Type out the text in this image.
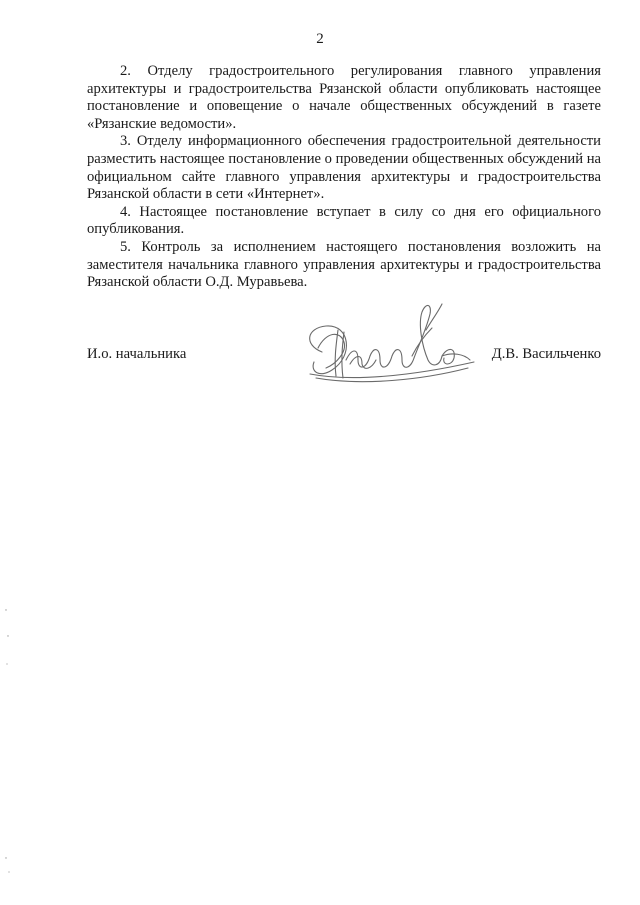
2

2. Отделу градостроительного регулирования главного управления архитектуры и градостроительства Рязанской области опубликовать настоящее постановление и оповещение о начале общественных обсуждений в газете «Рязанские ведомости».

3. Отделу информационного обеспечения градостроительной деятельности разместить настоящее постановление о проведении общественных обсуждений на официальном сайте главного управления архитектуры и градостроительства Рязанской области в сети «Интернет».

4. Настоящее постановление вступает в силу со дня его официального опубликования.

5. Контроль за исполнением настоящего постановления возложить на заместителя начальника главного управления архитектуры и градостроительства Рязанской области О.Д. Муравьева.

И.о. начальника	Д.В. Васильченко
